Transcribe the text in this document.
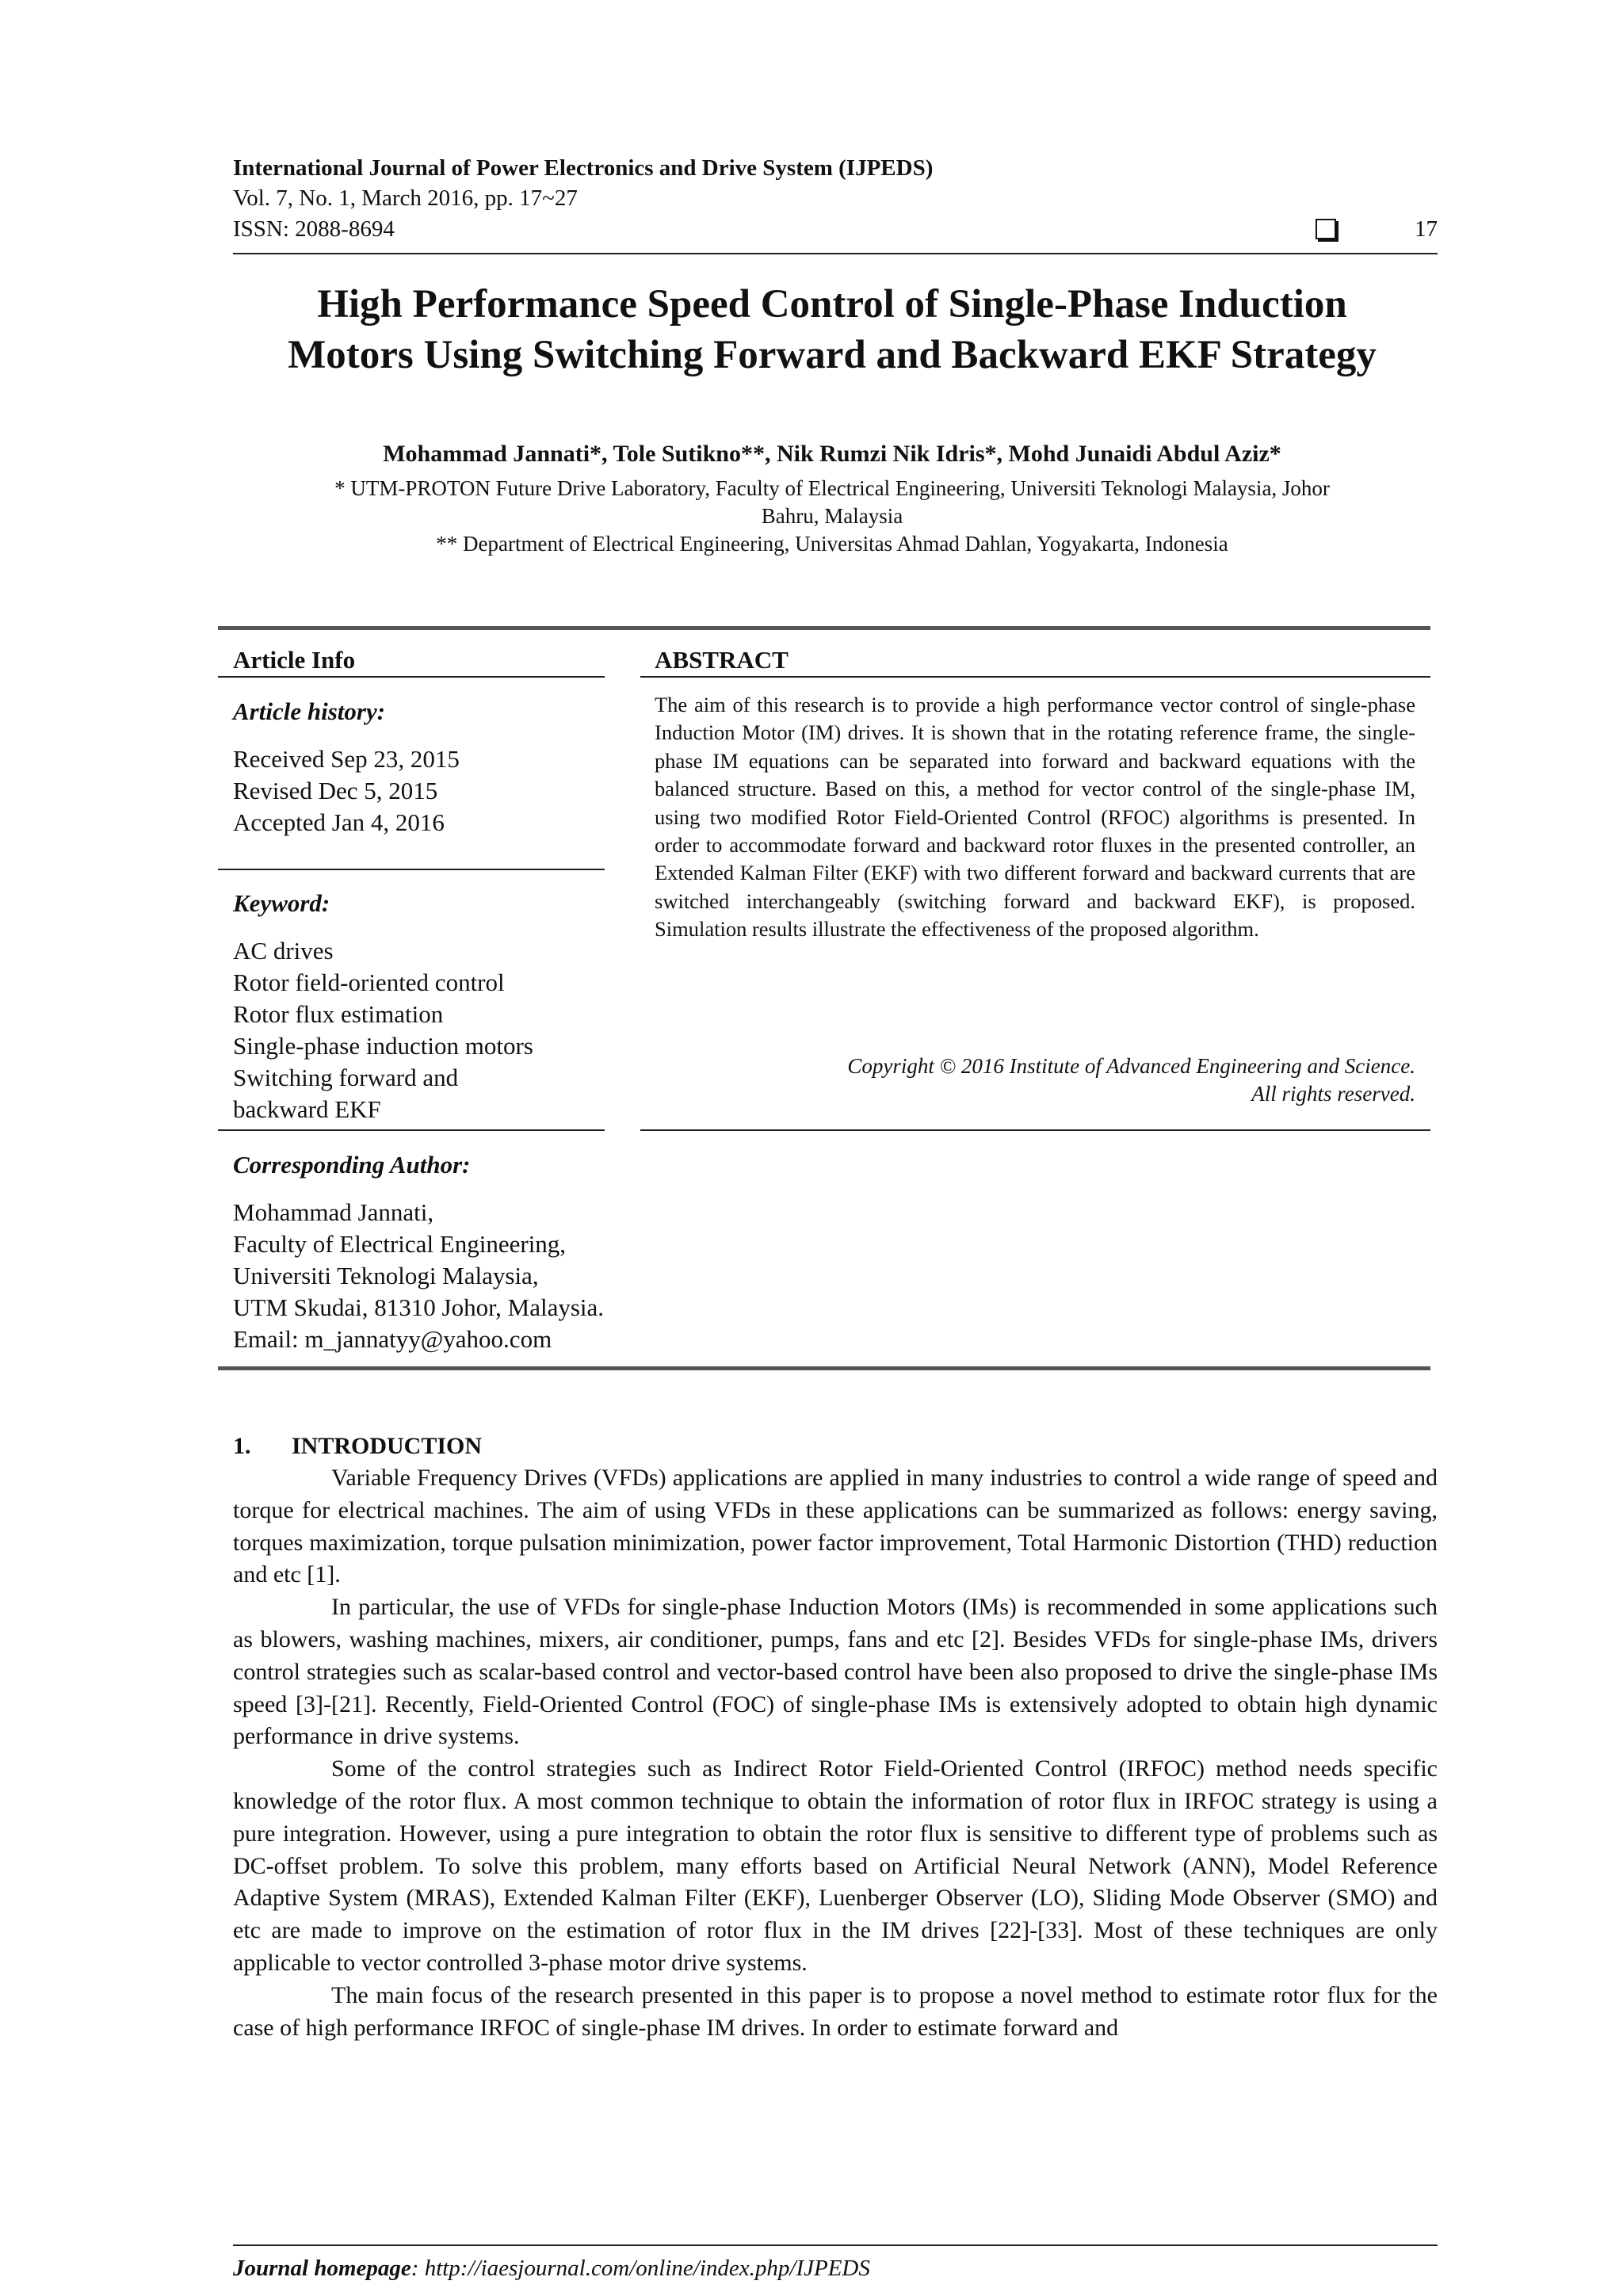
International Journal of Power Electronics and Drive System (IJPEDS)
Vol. 7, No. 1, March 2016, pp. 17~27
ISSN: 2088-8694	17
High Performance Speed Control of Single-Phase Induction
Motors Using Switching Forward and Backward EKF Strategy
Mohammad Jannati*, Tole Sutikno**, Nik Rumzi Nik Idris*, Mohd Junaidi Abdul Aziz*
* UTM-PROTON Future Drive Laboratory, Faculty of Electrical Engineering, Universiti Teknologi Malaysia, Johor
Bahru, Malaysia
** Department of Electrical Engineering, Universitas Ahmad Dahlan, Yogyakarta, Indonesia
Article Info
Article history:
Received Sep 23, 2015
Revised Dec 5, 2015
Accepted Jan 4, 2016
Keyword:
AC drives
Rotor field-oriented control
Rotor flux estimation
Single-phase induction motors
Switching forward and
backward EKF
Corresponding Author:
Mohammad Jannati,
Faculty of Electrical Engineering,
Universiti Teknologi Malaysia,
UTM Skudai, 81310 Johor, Malaysia.
Email: m_jannatyy@yahoo.com
ABSTRACT
The aim of this research is to provide a high performance vector control of single-phase Induction Motor (IM) drives. It is shown that in the rotating reference frame, the single-phase IM equations can be separated into forward and backward equations with the balanced structure. Based on this, a method for vector control of the single-phase IM, using two modified Rotor Field-Oriented Control (RFOC) algorithms is presented. In order to accommodate forward and backward rotor fluxes in the presented controller, an Extended Kalman Filter (EKF) with two different forward and backward currents that are switched interchangeably (switching forward and backward EKF), is proposed. Simulation results illustrate the effectiveness of the proposed algorithm.
Copyright © 2016 Institute of Advanced Engineering and Science.
All rights reserved.
1. INTRODUCTION

Variable Frequency Drives (VFDs) applications are applied in many industries to control a wide range of speed and torque for electrical machines. The aim of using VFDs in these applications can be summarized as follows: energy saving, torques maximization, torque pulsation minimization, power factor improvement, Total Harmonic Distortion (THD) reduction and etc [1].

In particular, the use of VFDs for single-phase Induction Motors (IMs) is recommended in some applications such as blowers, washing machines, mixers, air conditioner, pumps, fans and etc [2]. Besides VFDs for single-phase IMs, drivers control strategies such as scalar-based control and vector-based control have been also proposed to drive the single-phase IMs speed [3]-[21]. Recently, Field-Oriented Control (FOC) of single-phase IMs is extensively adopted to obtain high dynamic performance in drive systems.

Some of the control strategies such as Indirect Rotor Field-Oriented Control (IRFOC) method needs specific knowledge of the rotor flux. A most common technique to obtain the information of rotor flux in IRFOC strategy is using a pure integration. However, using a pure integration to obtain the rotor flux is sensitive to different type of problems such as DC-offset problem. To solve this problem, many efforts based on Artificial Neural Network (ANN), Model Reference Adaptive System (MRAS), Extended Kalman Filter (EKF), Luenberger Observer (LO), Sliding Mode Observer (SMO) and etc are made to improve on the estimation of rotor flux in the IM drives [22]-[33]. Most of these techniques are only applicable to vector controlled 3-phase motor drive systems.

The main focus of the research presented in this paper is to propose a novel method to estimate rotor flux for the case of high performance IRFOC of single-phase IM drives. In order to estimate forward and

Journal homepage: http://iaesjournal.com/online/index.php/IJPEDS
